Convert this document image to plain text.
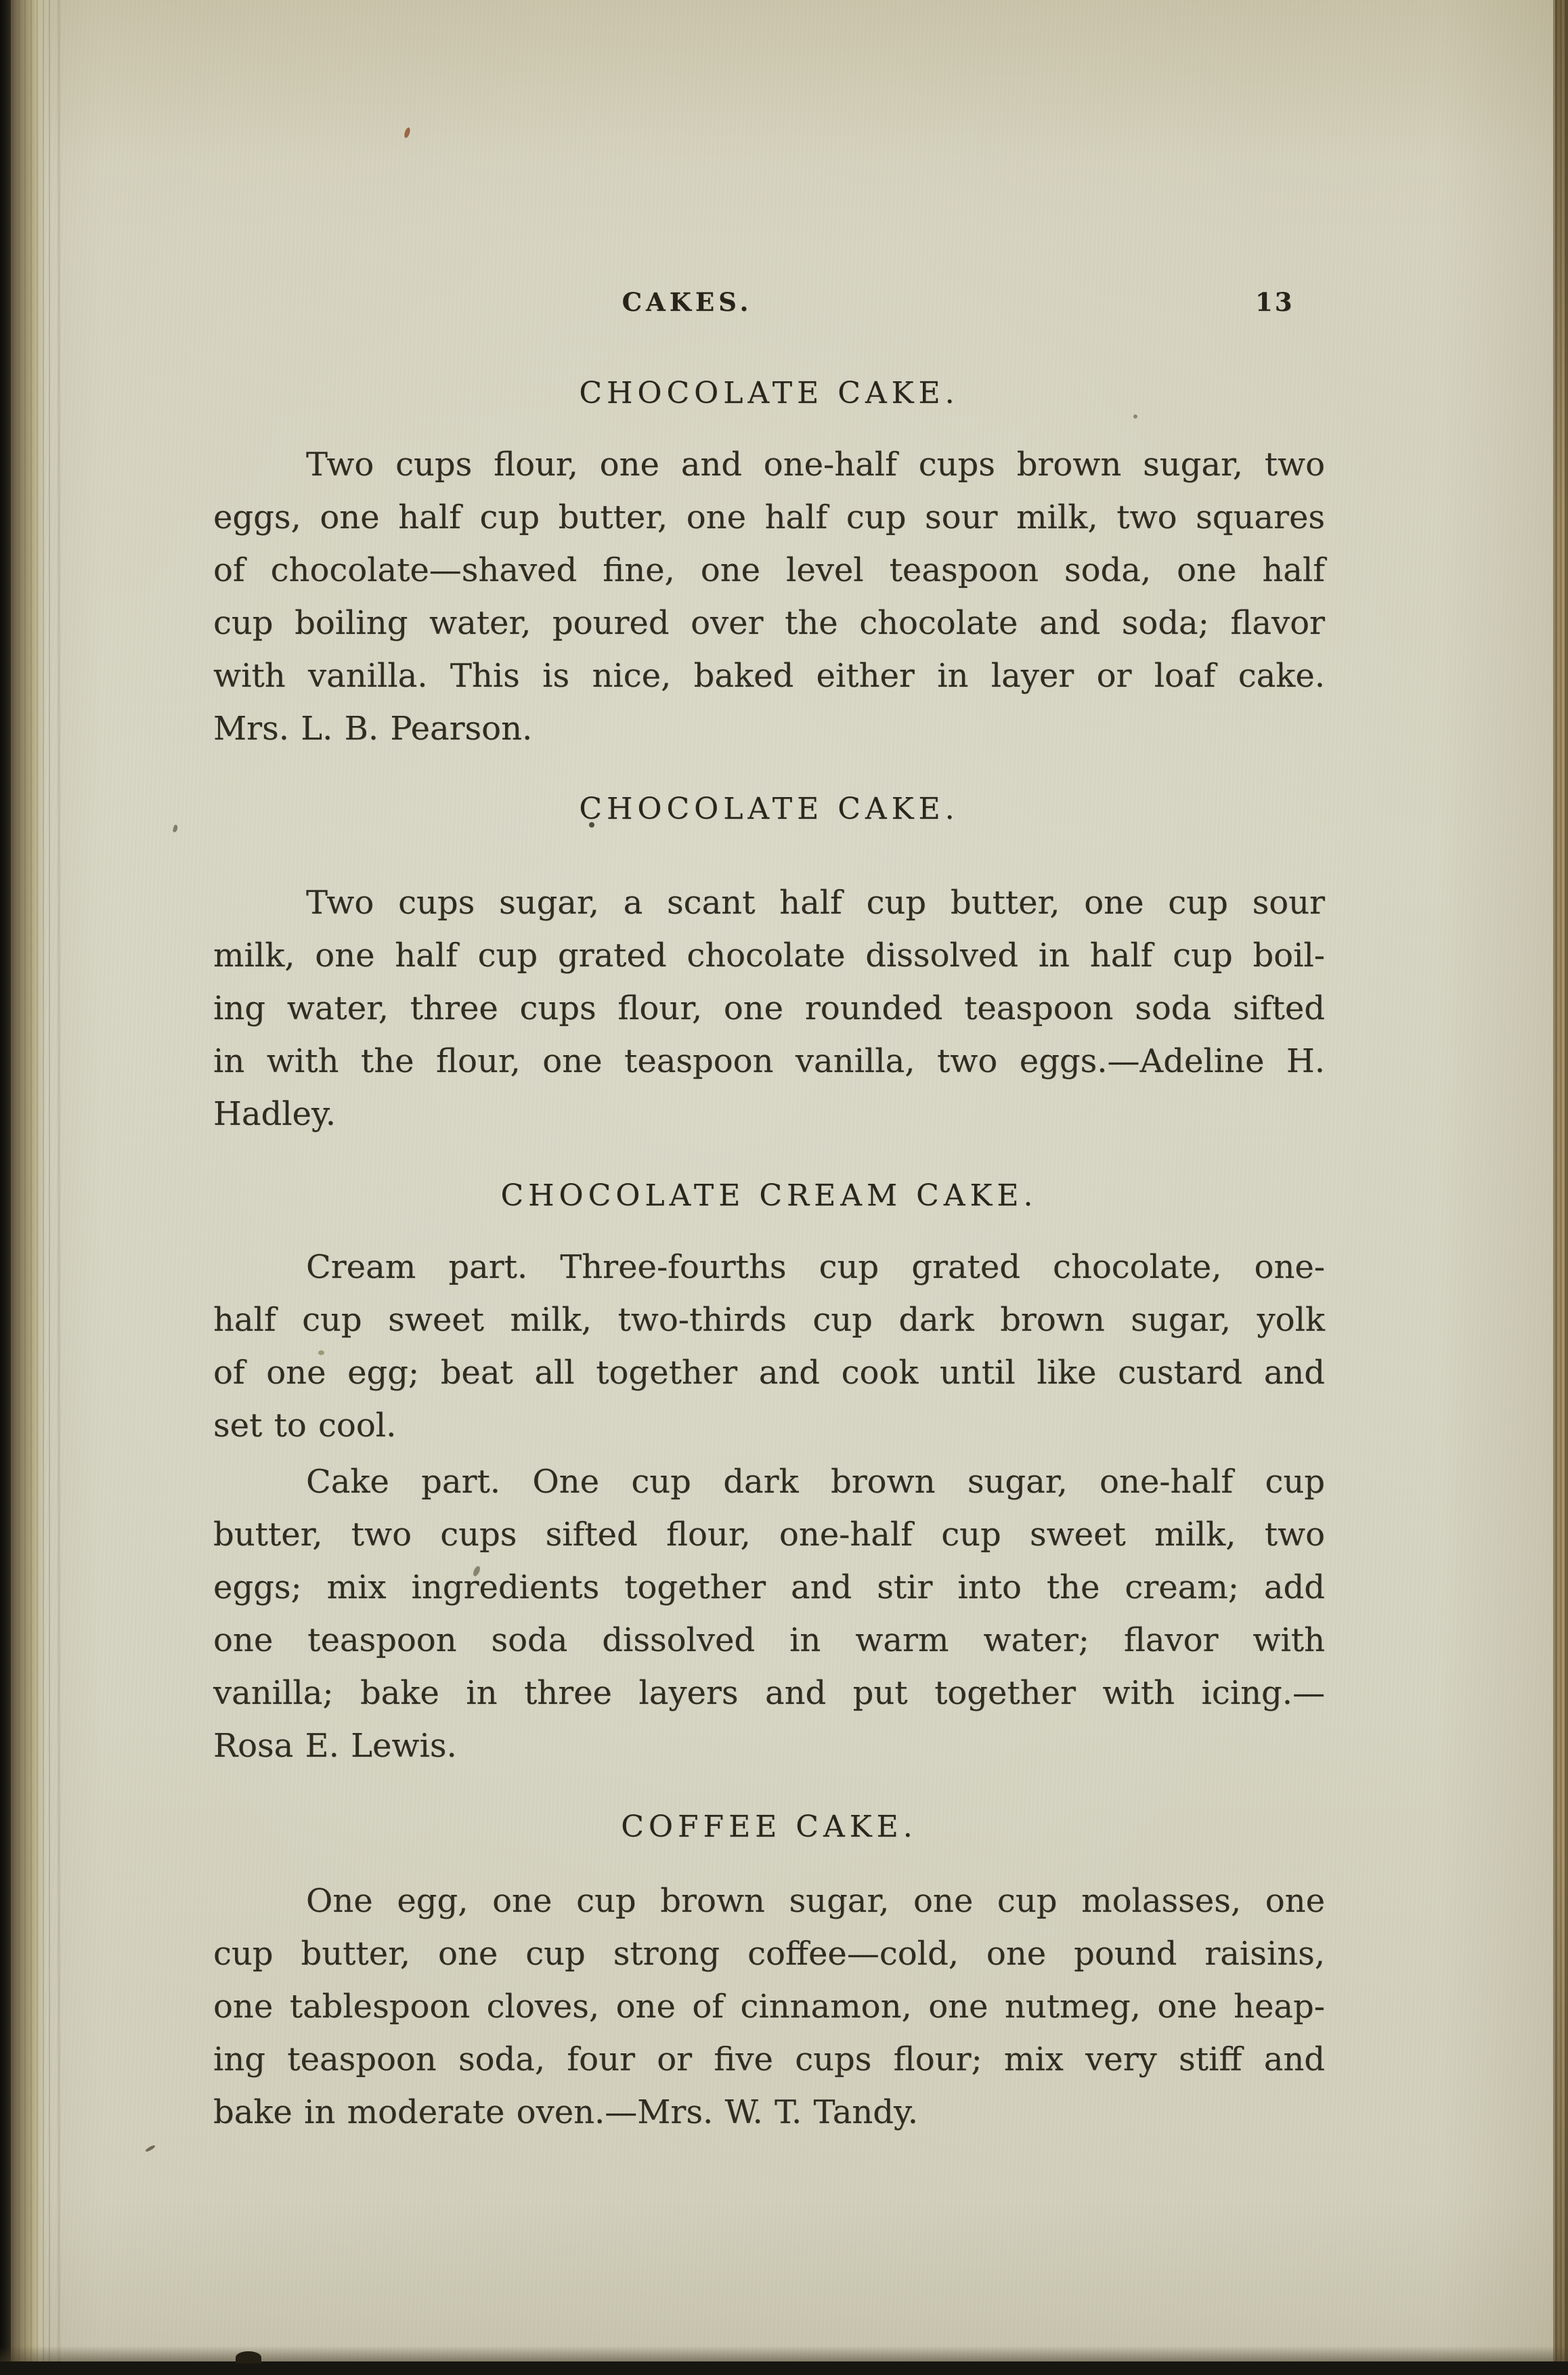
CAKES.	13
CHOCOLATE CAKE.
Two cups flour, one and one-half cups brown sugar, two
eggs, one half cup butter, one half cup sour milk, two squares
of chocolate—shaved fine, one level teaspoon soda, one half
cup boiling water, poured over the chocolate and soda; flavor
with vanilla. This is nice, baked either in layer or loaf cake.
Mrs. L. B. Pearson.
CHOCOLATE CAKE.
Two cups sugar, a scant half cup butter, one cup sour
milk, one half cup grated chocolate dissolved in half cup boil-
ing water, three cups flour, one rounded teaspoon soda sifted
in with the flour, one teaspoon vanilla, two eggs.—Adeline H.
Hadley.
CHOCOLATE CREAM CAKE.
Cream part. Three-fourths cup grated chocolate, one-
half cup sweet milk, two-thirds cup dark brown sugar, yolk
of one egg; beat all together and cook until like custard and
set to cool.
Cake part. One cup dark brown sugar, one-half cup
butter, two cups sifted flour, one-half cup sweet milk, two
eggs; mix ingredients together and stir into the cream; add
one teaspoon soda dissolved in warm water; flavor with
vanilla; bake in three layers and put together with icing.—
Rosa E. Lewis.
COFFEE CAKE.
One egg, one cup brown sugar, one cup molasses, one
cup butter, one cup strong coffee—cold, one pound raisins,
one tablespoon cloves, one of cinnamon, one nutmeg, one heap-
ing teaspoon soda, four or five cups flour; mix very stiff and
bake in moderate oven.—Mrs. W. T. Tandy.
